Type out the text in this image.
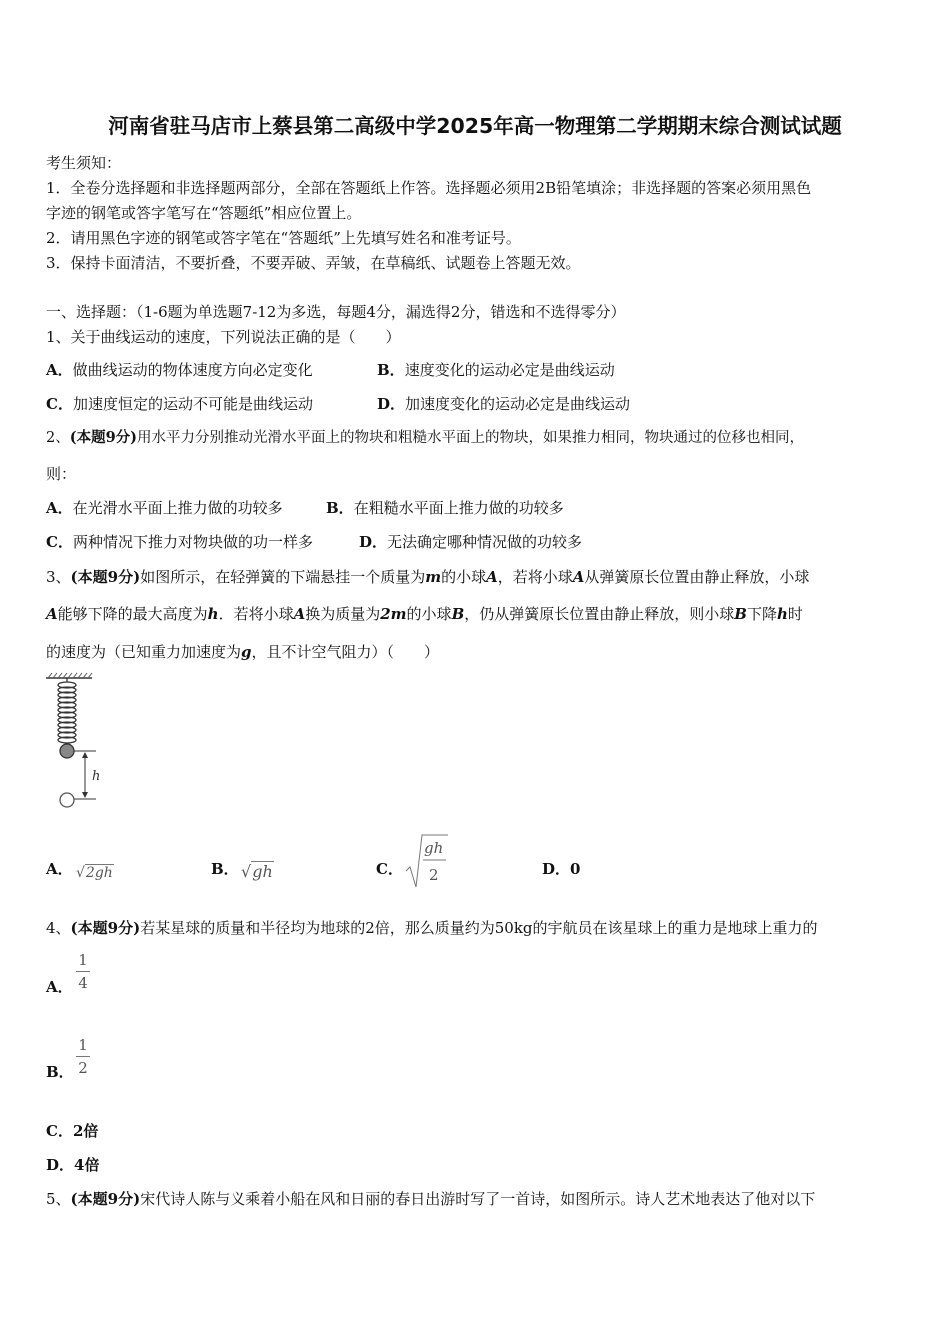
河南省驻马店市上蔡县第二高级中学2025年高一物理第二学期期末综合测试试题
考生须知：
1．全卷分选择题和非选择题两部分，全部在答题纸上作答。选择题必须用2B铅笔填涂；非选择题的答案必须用黑色
字迹的钢笔或答字笔写在“答题纸”相应位置上。
2．请用黑色字迹的钢笔或答字笔在“答题纸”上先填写姓名和准考证号。
3．保持卡面清洁，不要折叠，不要弄破、弄皱，在草稿纸、试题卷上答题无效。
一、选择题：（1-6题为单选题7-12为多选，每题4分，漏选得2分，错选和不选得零分）
1、关于曲线运动的速度，下列说法正确的是（　　）
A．做曲线运动的物体速度方向必定变化	B．速度变化的运动必定是曲线运动
C．加速度恒定的运动不可能是曲线运动	D．加速度变化的运动必定是曲线运动
2、(本题9分)用水平力分别推动光滑水平面上的物块和粗糙水平面上的物块，如果推力相同，物块通过的位移也相同，
则：
A．在光滑水平面上推力做的功较多	B．在粗糙水平面上推力做的功较多
C．两种情况下推力对物块做的功一样多	D．无法确定哪种情况做的功较多
3、(本题9分)如图所示，在轻弹簧的下端悬挂一个质量为m的小球A，若将小球A从弹簧原长位置由静止释放，小球
A能够下降的最大高度为h．若将小球A换为质量为2m的小球B，仍从弹簧原长位置由静止释放，则小球B下降h时
的速度为（已知重力加速度为g，且不计空气阻力）（　　）
h
A． √2gh	B． √gh	C．
gh
2	D．0
4、(本题9分)若某星球的质量和半径均为地球的2倍，那么质量约为50kg的宇航员在该星球上的重力是地球上重力的
A．
1
4
B．
1
2
C．2倍
D．4倍
5、(本题9分)宋代诗人陈与义乘着小船在风和日丽的春日出游时写了一首诗，如图所示。诗人艺术地表达了他对以下
